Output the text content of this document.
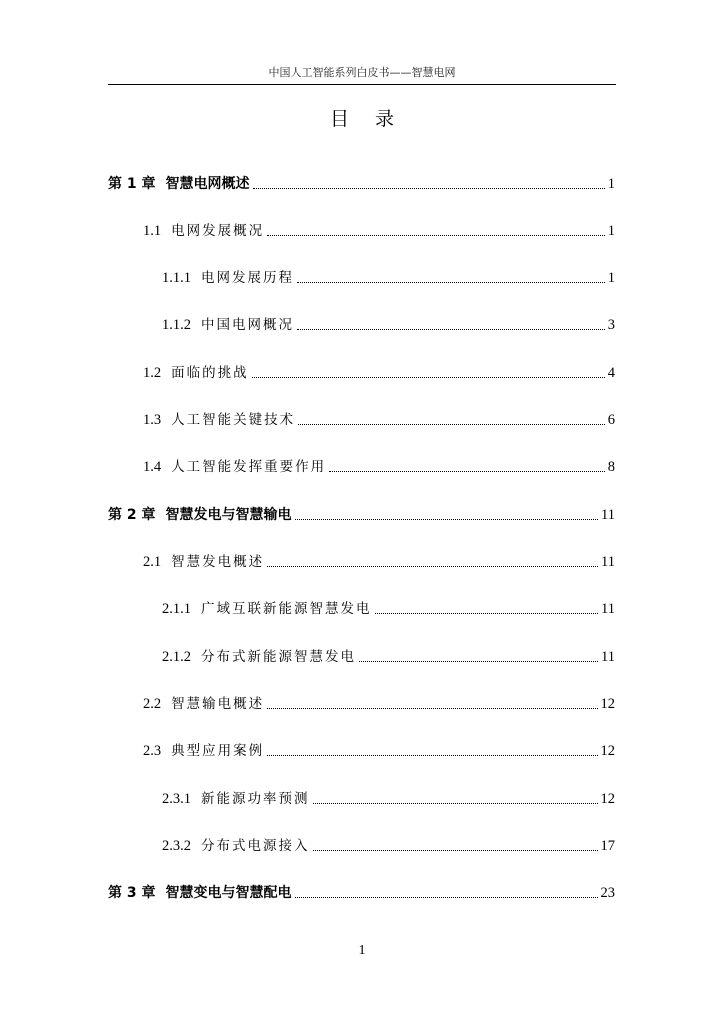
中国人工智能系列白皮书——智慧电网
目录
第 1 章 智慧电网概述	1
1.1 电网发展概况	1
1.1.1 电网发展历程	1
1.1.2 中国电网概况	3
1.2 面临的挑战	4
1.3 人工智能关键技术	6
1.4 人工智能发挥重要作用	8
第 2 章 智慧发电与智慧输电	11
2.1 智慧发电概述	11
2.1.1 广域互联新能源智慧发电	11
2.1.2 分布式新能源智慧发电	11
2.2 智慧输电概述	12
2.3 典型应用案例	12
2.3.1 新能源功率预测	12
2.3.2 分布式电源接入	17
第 3 章 智慧变电与智慧配电	23
1
